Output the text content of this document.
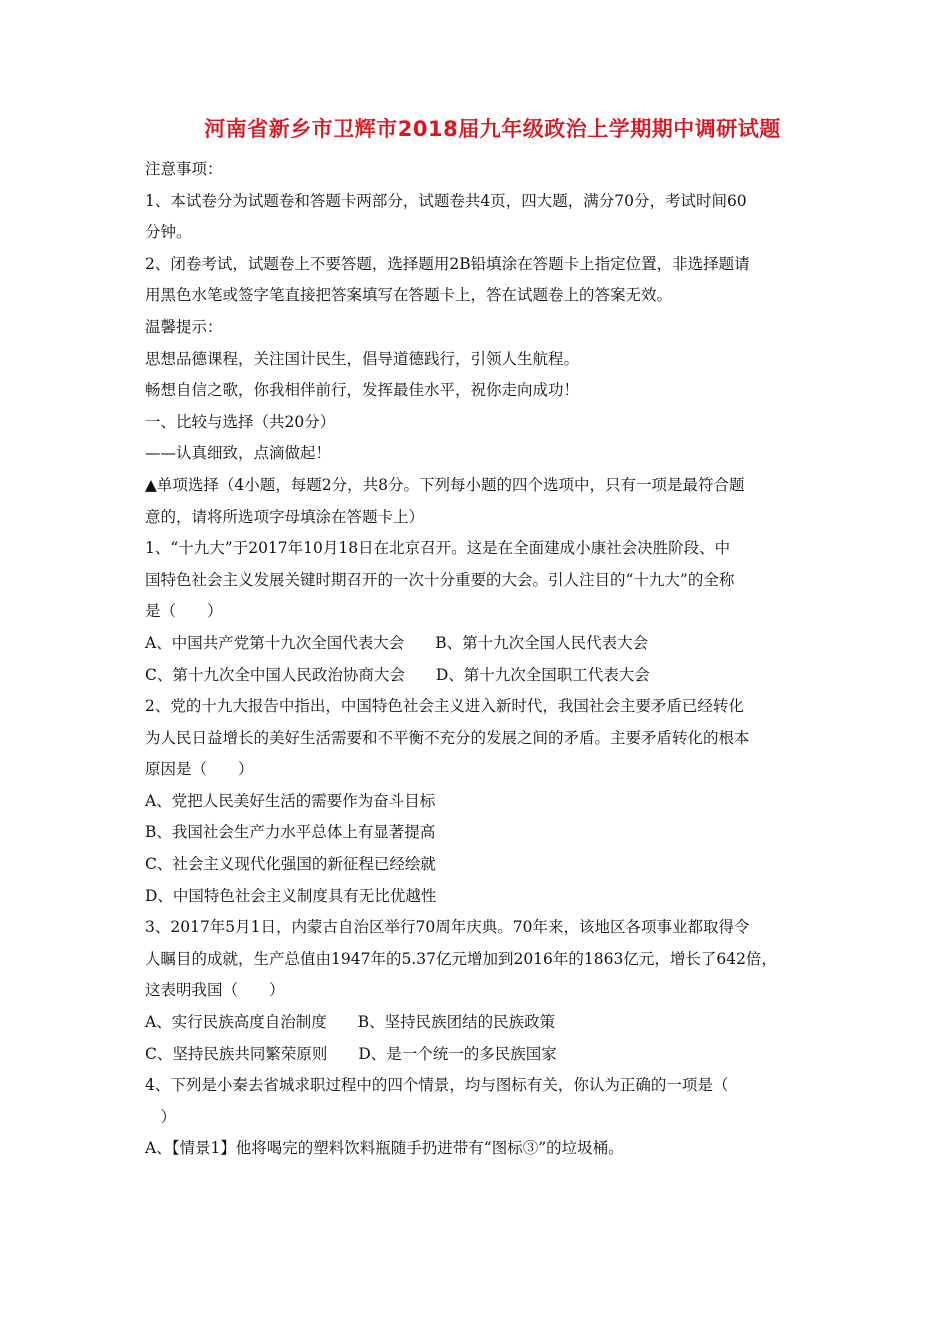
河南省新乡市卫辉市2018届九年级政治上学期期中调研试题

注意事项：

1、本试卷分为试题卷和答题卡两部分，试题卷共4页，四大题，满分70分，考试时间60

分钟。

2、闭卷考试，试题卷上不要答题，选择题用2B铅填涂在答题卡上指定位置，非选择题请

用黑色水笔或签字笔直接把答案填写在答题卡上，答在试题卷上的答案无效。

温馨提示：

思想品德课程，关注国计民生，倡导道德践行，引领人生航程。

畅想自信之歌，你我相伴前行，发挥最佳水平，祝你走向成功！

一、比较与选择（共20分）

——认真细致，点滴做起！

▲单项选择（4小题，每题2分，共8分。下列每小题的四个选项中，只有一项是最符合题

意的，请将所选项字母填涂在答题卡上）

1、“十九大”于2017年10月18日在北京召开。这是在全面建成小康社会决胜阶段、中

国特色社会主义发展关键时期召开的一次十分重要的大会。引人注目的“十九大”的全称

是（　　）

A、中国共产党第十九次全国代表大会　　B、第十九次全国人民代表大会

C、第十九次全中国人民政治协商大会　　D、第十九次全国职工代表大会

2、党的十九大报告中指出，中国特色社会主义进入新时代，我国社会主要矛盾已经转化

为人民日益增长的美好生活需要和不平衡不充分的发展之间的矛盾。主要矛盾转化的根本

原因是（　　）

A、党把人民美好生活的需要作为奋斗目标

B、我国社会生产力水平总体上有显著提高

C、社会主义现代化强国的新征程已经绘就

D、中国特色社会主义制度具有无比优越性

3、2017年5月1日，内蒙古自治区举行70周年庆典。70年来，该地区各项事业都取得令

人瞩目的成就，生产总值由1947年的5.37亿元增加到2016年的1863亿元，增长了642倍，

这表明我国（　　）

A、实行民族高度自治制度　　B、坚持民族团结的民族政策

C、坚持民族共同繁荣原则　　D、是一个统一的多民族国家

4、下列是小秦去省城求职过程中的四个情景，均与图标有关，你认为正确的一项是（

　）

A、【情景1】他将喝完的塑料饮料瓶随手扔进带有“图标③”的垃圾桶。
